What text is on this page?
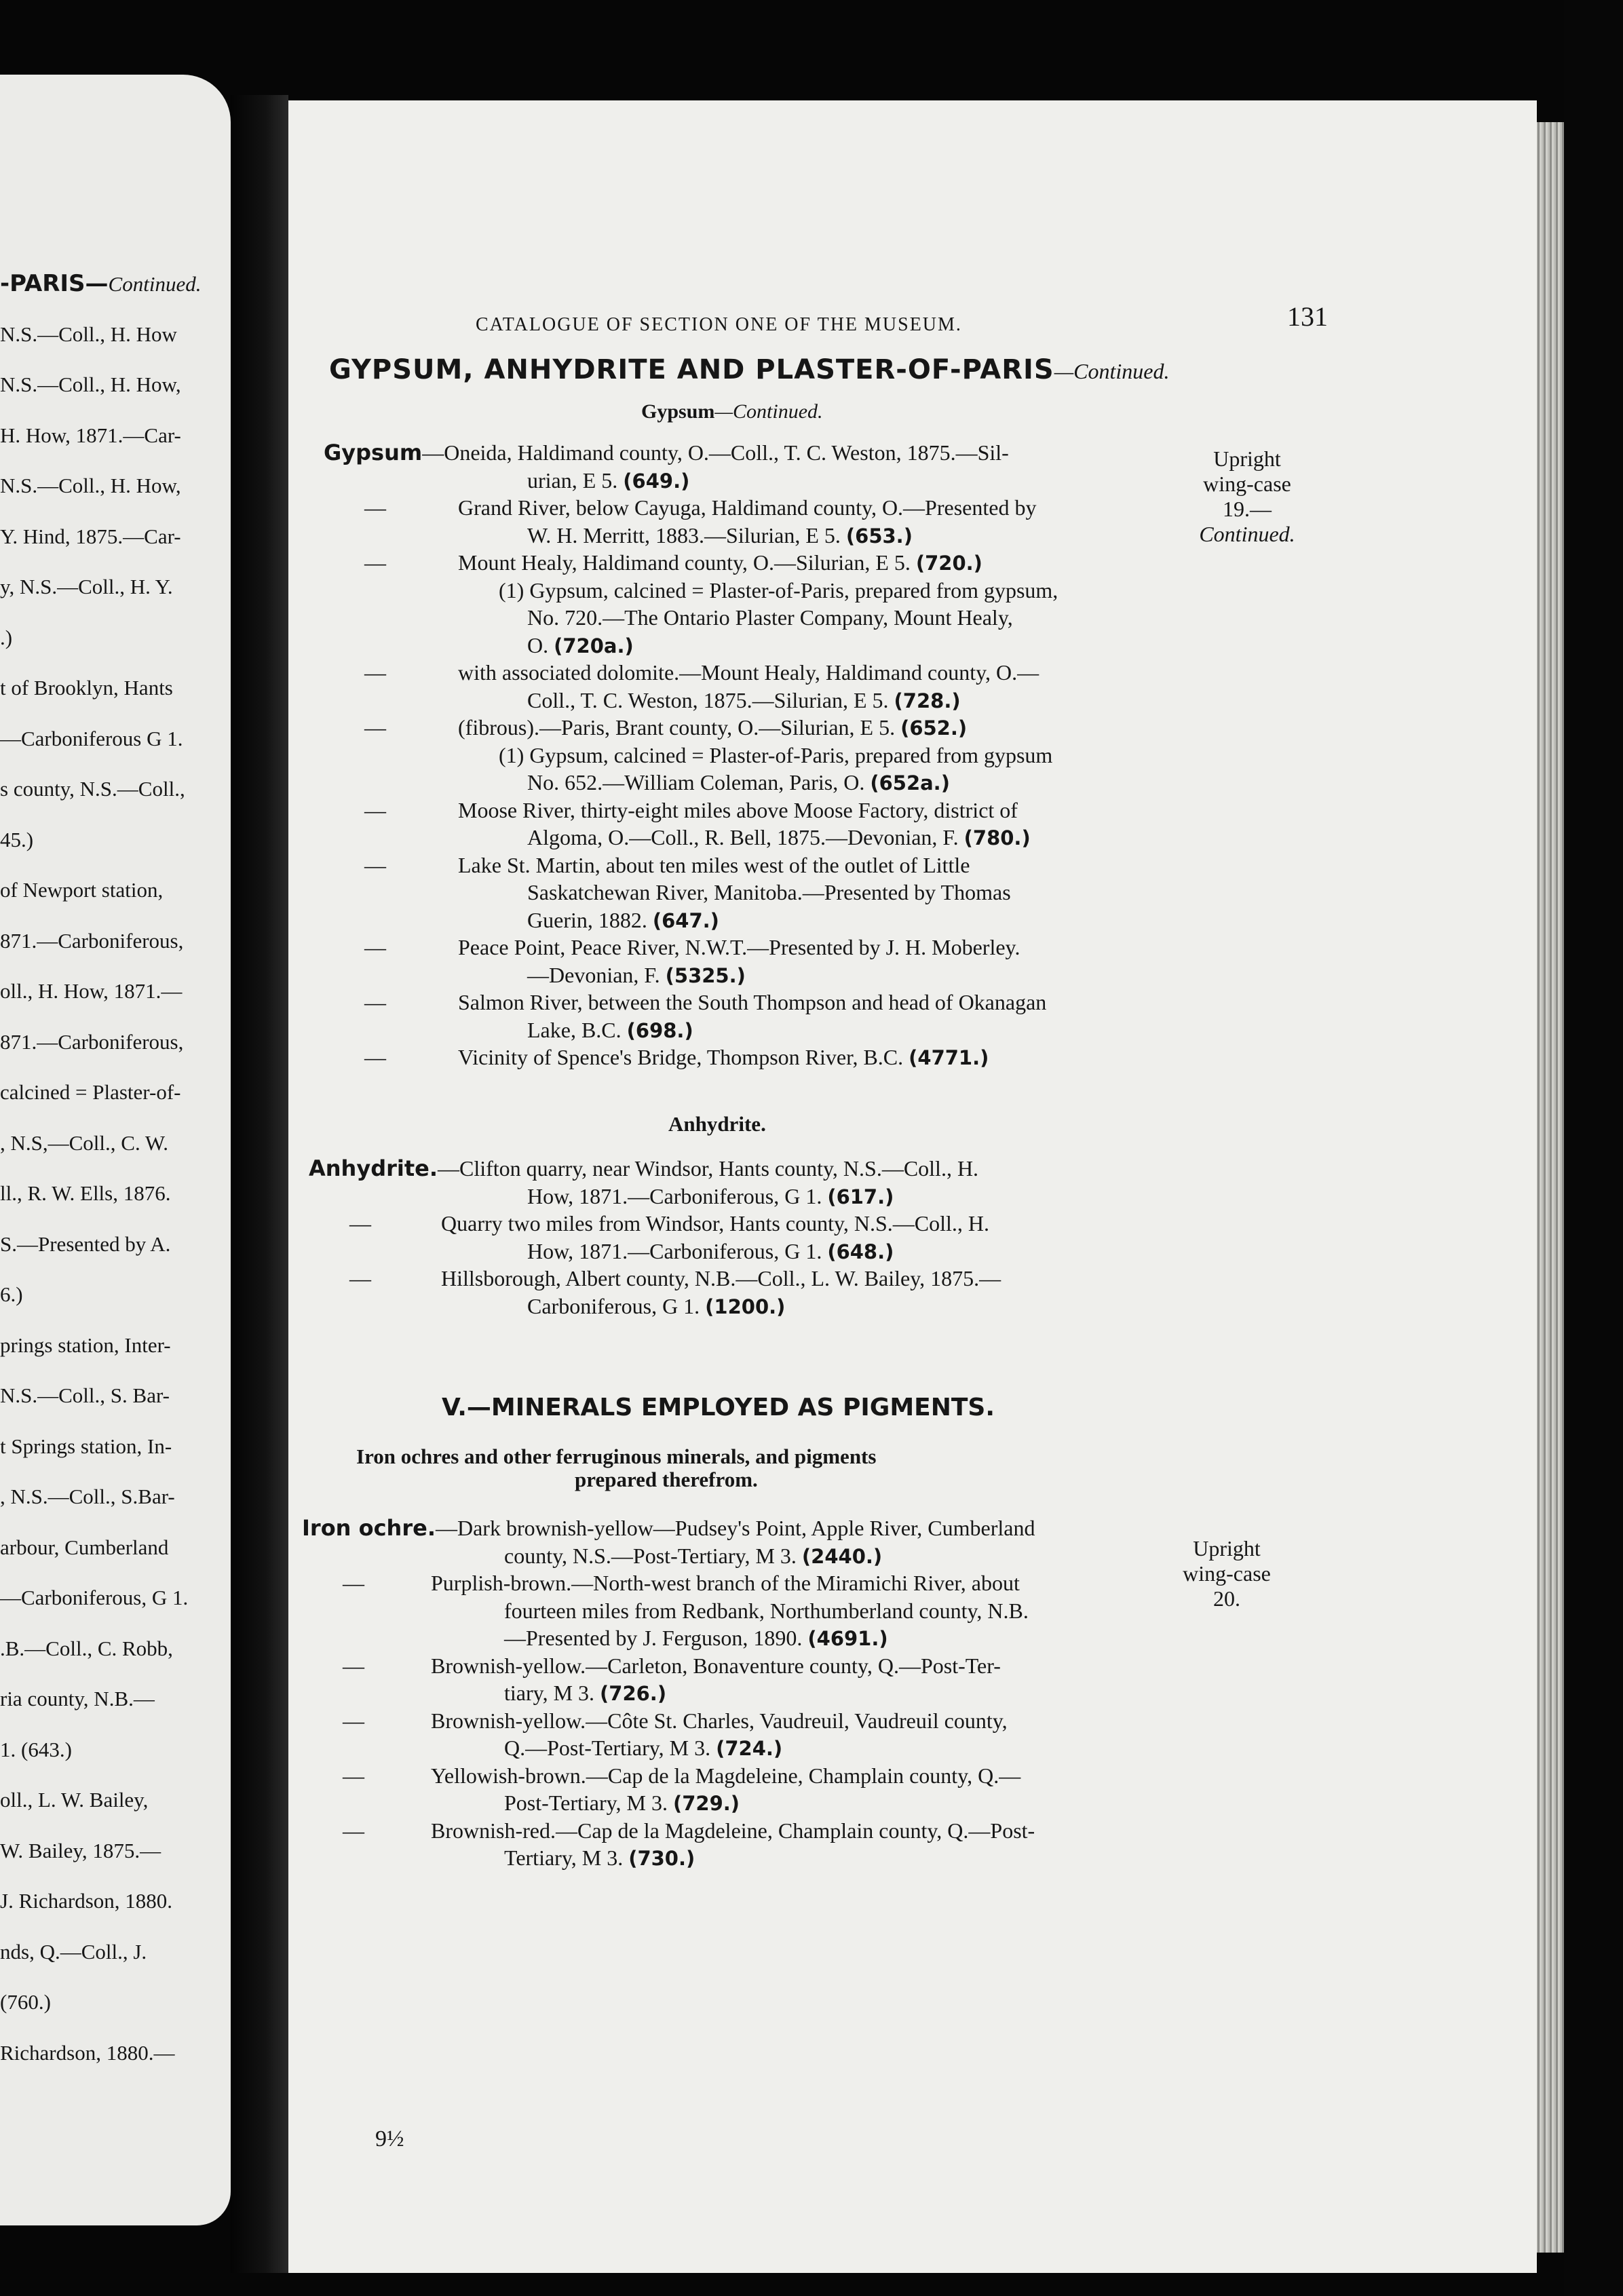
-PARIS—Continued.
N.S.—Coll., H. How
N.S.—Coll., H. How,
H. How, 1871.—Car-
N.S.—Coll., H. How,
Y. Hind, 1875.—Car-
y, N.S.—Coll., H. Y.
.)
t of Brooklyn, Hants
—Carboniferous G 1.
s county, N.S.—Coll.,
45.)
of Newport station,
871.—Carboniferous,
oll., H. How, 1871.—
871.—Carboniferous,
calcined = Plaster-of-
, N.S,—Coll., C. W.
ll., R. W. Ells, 1876.
S.—Presented by A.
6.)
prings station, Inter-
N.S.—Coll., S. Bar-
t Springs station, In-
, N.S.—Coll., S.Bar-
arbour, Cumberland
—Carboniferous, G 1.
.B.—Coll., C. Robb,
ria county, N.B.—
1. (643.)
oll., L. W. Bailey,
W. Bailey, 1875.—
J. Richardson, 1880.
nds, Q.—Coll., J.
(760.)
Richardson, 1880.—
CATALOGUE OF SECTION ONE OF THE MUSEUM.	131
GYPSUM, ANHYDRITE AND PLASTER-OF-PARIS—Continued.
Gypsum—Continued.
Gypsum—Oneida, Haldimand county, O.—Coll., T. C. Weston, 1875.—Sil-
urian, E 5. (649.)
—	Grand River, below Cayuga, Haldimand county, O.—Presented by
W. H. Merritt, 1883.—Silurian, E 5. (653.)
—	Mount Healy, Haldimand county, O.—Silurian, E 5. (720.)
(1) Gypsum, calcined = Plaster-of-Paris, prepared from gypsum,
No. 720.—The Ontario Plaster Company, Mount Healy,
O. (720a.)
—	with associated dolomite.—Mount Healy, Haldimand county, O.—
Coll., T. C. Weston, 1875.—Silurian, E 5. (728.)
—	(fibrous).—Paris, Brant county, O.—Silurian, E 5. (652.)
(1) Gypsum, calcined = Plaster-of-Paris, prepared from gypsum
No. 652.—William Coleman, Paris, O. (652a.)
—	Moose River, thirty-eight miles above Moose Factory, district of
Algoma, O.—Coll., R. Bell, 1875.—Devonian, F. (780.)
—	Lake St. Martin, about ten miles west of the outlet of Little
Saskatchewan River, Manitoba.—Presented by Thomas
Guerin, 1882. (647.)
—	Peace Point, Peace River, N.W.T.—Presented by J. H. Moberley.
—Devonian, F. (5325.)
—	Salmon River, between the South Thompson and head of Okanagan
Lake, B.C. (698.)
—	Vicinity of Spence's Bridge, Thompson River, B.C. (4771.)
Upright
wing-case
19.—
Continued.
Anhydrite.
Anhydrite.—Clifton quarry, near Windsor, Hants county, N.S.—Coll., H.
How, 1871.—Carboniferous, G 1. (617.)
—	Quarry two miles from Windsor, Hants county, N.S.—Coll., H.
How, 1871.—Carboniferous, G 1. (648.)
—	Hillsborough, Albert county, N.B.—Coll., L. W. Bailey, 1875.—
Carboniferous, G 1. (1200.)
V.—MINERALS EMPLOYED AS PIGMENTS.
Iron ochres and other ferruginous minerals, and pigments
prepared therefrom.
Iron ochre.—Dark brownish-yellow—Pudsey's Point, Apple River, Cumberland
county, N.S.—Post-Tertiary, M 3. (2440.)
—	Purplish-brown.—North-west branch of the Miramichi River, about
fourteen miles from Redbank, Northumberland county, N.B.
—Presented by J. Ferguson, 1890. (4691.)
—	Brownish-yellow.—Carleton, Bonaventure county, Q.—Post-Ter-
tiary, M 3. (726.)
—	Brownish-yellow.—Côte St. Charles, Vaudreuil, Vaudreuil county,
Q.—Post-Tertiary, M 3. (724.)
—	Yellowish-brown.—Cap de la Magdeleine, Champlain county, Q.—
Post-Tertiary, M 3. (729.)
—	Brownish-red.—Cap de la Magdeleine, Champlain county, Q.—Post-
Tertiary, M 3. (730.)
Upright
wing-case
20.
9½
